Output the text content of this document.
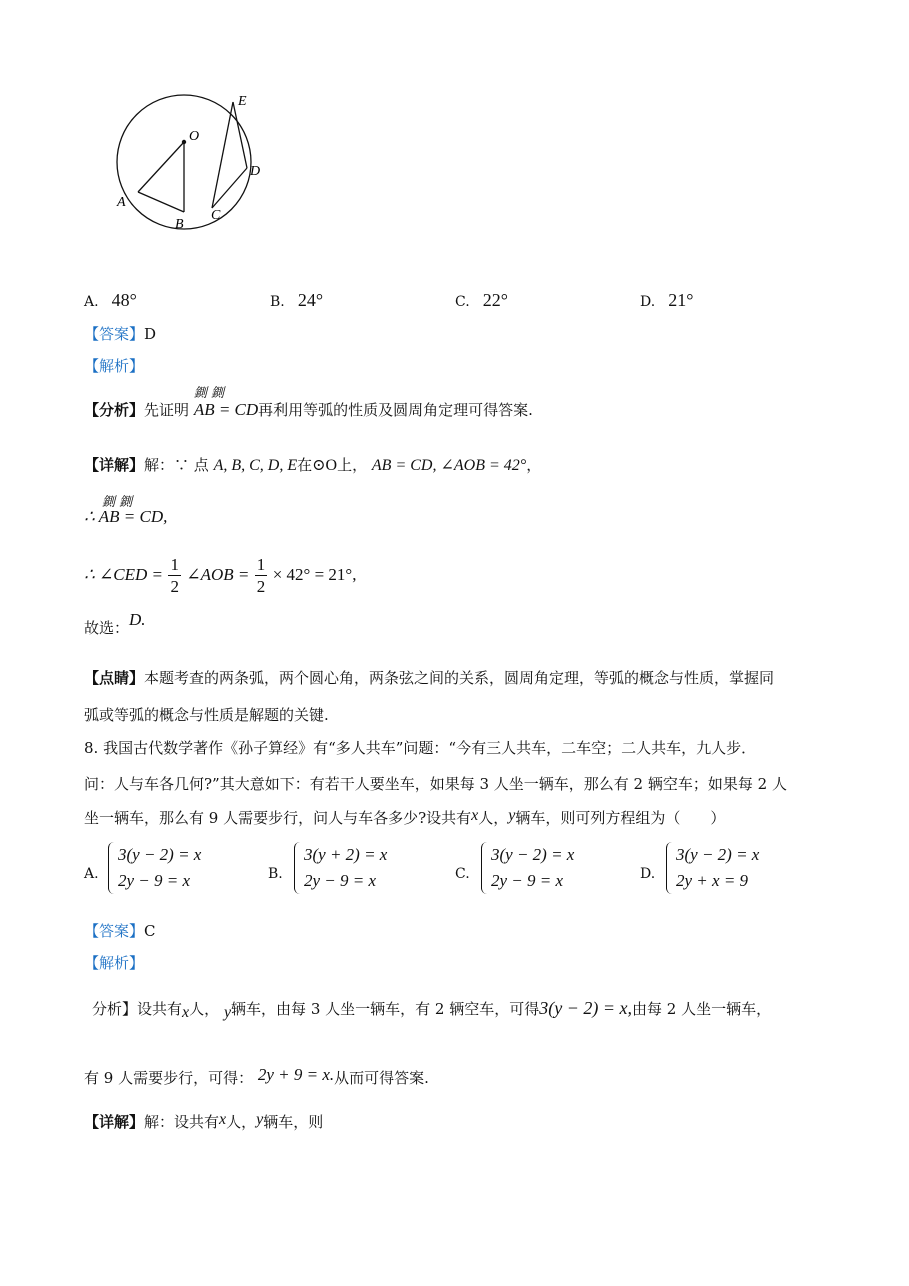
O
A
B
C
D
E
A. 48°	B. 24°	C. 22°	D. 21°
【答案】D
【解析】
【分析】先证明 AB = CD
鍘 鍘
再利用等弧的性质及圆周角定理可得答案.
【详解】解：∵ 点 A, B, C, D, E在⊙O上， AB = CD, ∠AOB = 42°，
∴ AB = CD,
鍘 鍘
∴ ∠CED = $\frac{1}{2}$ ∠AOB = $\frac{1}{2} \times 42^\circ = 21^\circ$,
故选：D.
【点睛】本题考查的两条弧，两个圆心角，两条弦之间的关系，圆周角定理，等弧的概念与性质，掌握同
弧或等弧的概念与性质是解题的关键.
8. 我国古代数学著作《孙子算经》有“多人共车”问题：“今有三人共车，二车空；二人共车，九人步．
问：人与车各几何?”其大意如下：有若干人要坐车，如果每 3 人坐一辆车，那么有 2 辆空车；如果每 2 人
坐一辆车，那么有 9 人需要步行，问人与车各多少?设共有x人，y辆车，则可列方程组为（　　）
A.
3(y − 2) = x
2y − 9 = x	B.
3(y + 2) = x
2y − 9 = x	C.
3(y − 2) = x
2y − 9 = x	D.
3(y − 2) = x
2y + x = 9
【答案】C
【解析】
分析】设共有x人， y辆车，由每 3 人坐一辆车，有 2 辆空车，可得3(y − 2) = x,由每 2 人坐一辆车，
有 9 人需要步行，可得： 2y + 9 = x.从而可得答案.
【详解】解：设共有x人，y辆车，则
